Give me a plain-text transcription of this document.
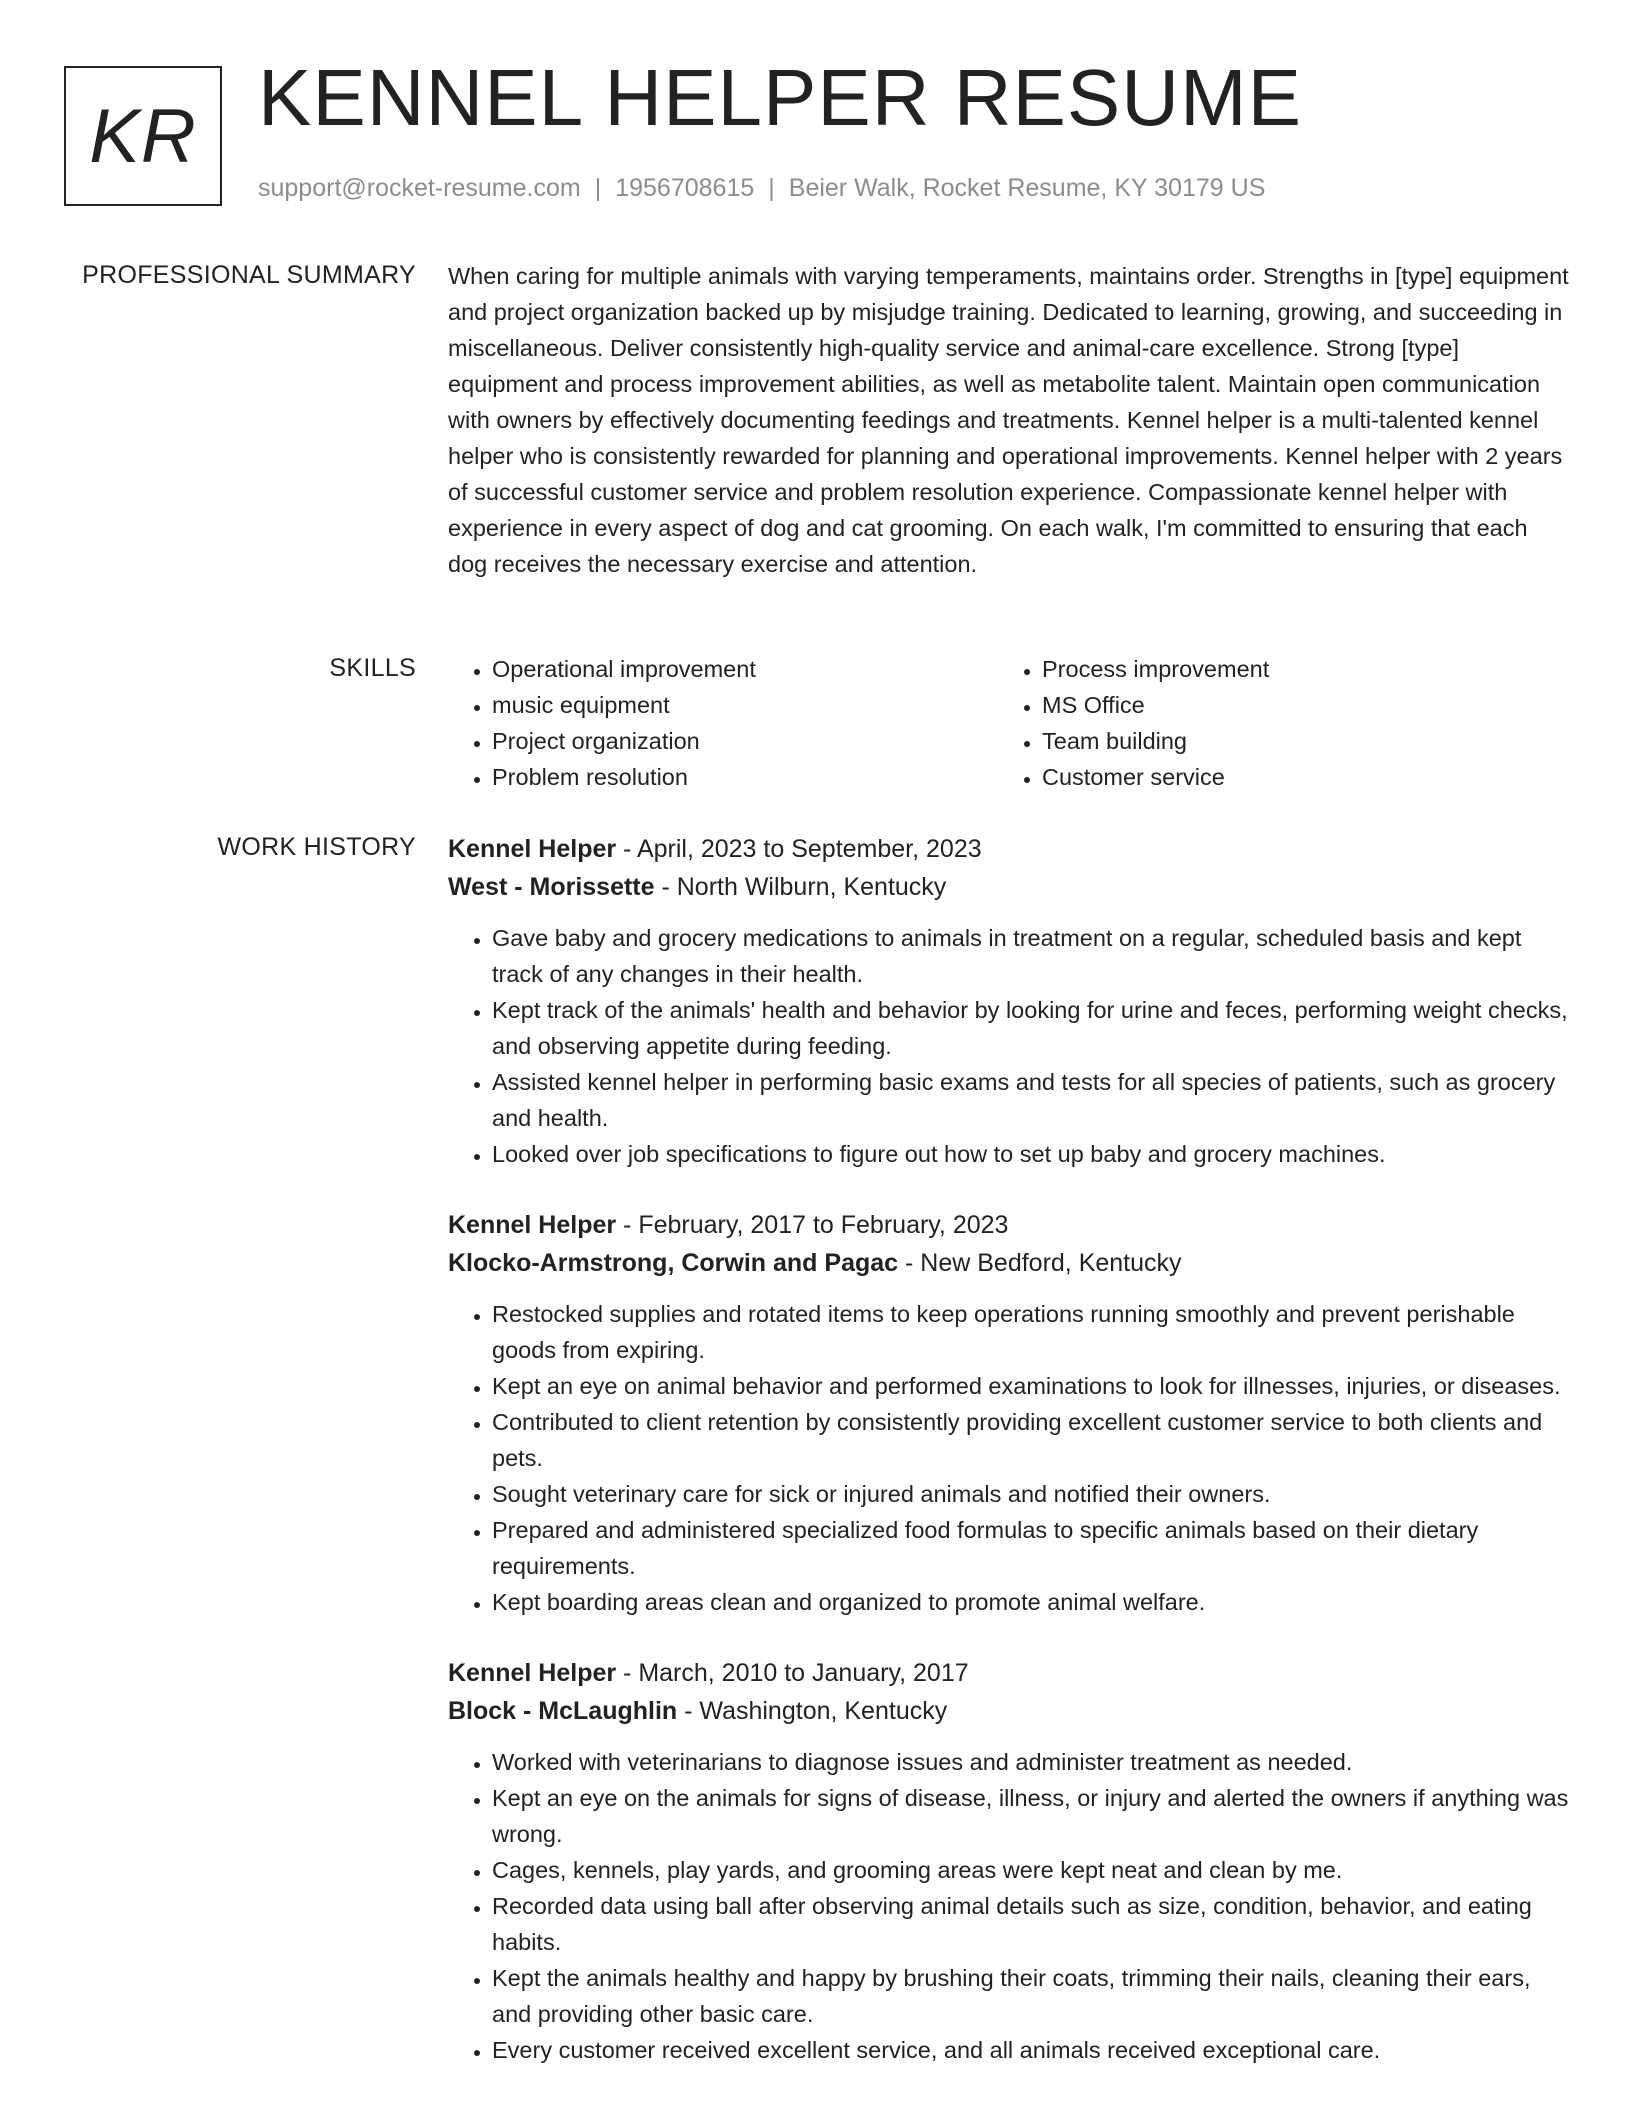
KR KENNEL HELPER RESUME
support@rocket-resume.com | 1956708615 | Beier Walk, Rocket Resume, KY 30179 US
PROFESSIONAL SUMMARY When caring for multiple animals with varying temperaments, maintains order. Strengths in [type] equipment and project organization backed up by misjudge training. Dedicated to learning, growing, and succeeding in miscellaneous. Deliver consistently high-quality service and animal-care excellence. Strong [type] equipment and process improvement abilities, as well as metabolite talent. Maintain open communication with owners by effectively documenting feedings and treatments. Kennel helper is a multi-talented kennel helper who is consistently rewarded for planning and operational improvements. Kennel helper with 2 years of successful customer service and problem resolution experience. Compassionate kennel helper with experience in every aspect of dog and cat grooming. On each walk, I'm committed to ensuring that each dog receives the necessary exercise and attention.
SKILLS
•	Operational improvement
• music equipment
• Project organization
• Problem resolution
• Process improvement
• MS Office
• Team building
• Customer service
WORK HISTORY Kennel Helper - April, 2023 to September, 2023
West - Morissette - North Wilburn, Kentucky
• Gave baby and grocery medications to animals in treatment on a regular, scheduled basis and kept track of any changes in their health.
• Kept track of the animals' health and behavior by looking for urine and feces, performing weight checks, and observing appetite during feeding.
• Assisted kennel helper in performing basic exams and tests for all species of patients, such as grocery and health.
• Looked over job specifications to figure out how to set up baby and grocery machines.
Kennel Helper - February, 2017 to February, 2023
Klocko-Armstrong, Corwin and Pagac - New Bedford, Kentucky
• Restocked supplies and rotated items to keep operations running smoothly and prevent perishable goods from expiring.
• Kept an eye on animal behavior and performed examinations to look for illnesses, injuries, or diseases.
• Contributed to client retention by consistently providing excellent customer service to both clients and pets.
• Sought veterinary care for sick or injured animals and notified their owners.
• Prepared and administered specialized food formulas to specific animals based on their dietary requirements.
• Kept boarding areas clean and organized to promote animal welfare.
Kennel Helper - March, 2010 to January, 2017
Block - McLaughlin - Washington, Kentucky
• Worked with veterinarians to diagnose issues and administer treatment as needed.
• Kept an eye on the animals for signs of disease, illness, or injury and alerted the owners if anything was wrong.
• Cages, kennels, play yards, and grooming areas were kept neat and clean by me.
• Recorded data using ball after observing animal details such as size, condition, behavior, and eating habits.
• Kept the animals healthy and happy by brushing their coats, trimming their nails, cleaning their ears, and providing other basic care.
• Every customer received excellent service, and all animals received exceptional care.
